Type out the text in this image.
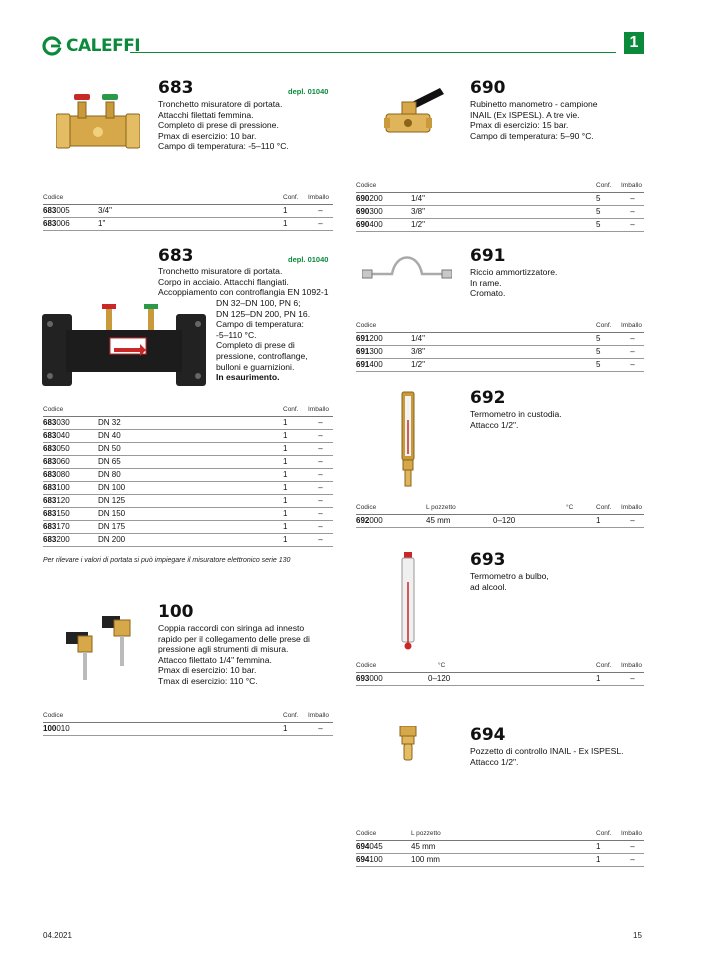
CALEFFI	1
683	depl. 01040
Tronchetto misuratore di portata.
Attacchi filettati femmina.
Completo di prese di pressione.
Pmax di esercizio: 10 bar.
Campo di temperatura: -5–110 °C.
Codice		Conf.	Imballo
683005	3/4"	1	–
683006	1"	1	–
683	depl. 01040
Tronchetto misuratore di portata.
Corpo in acciaio. Attacchi flangiati.
Accoppiamento con controflangia EN 1092-1
DN 32–DN 100, PN 6;
DN 125–DN 200, PN 16.
Campo di temperatura:
-5–110 °C.
Completo di prese di
pressione, controflange,
bulloni e guarnizioni.
In esaurimento.
Codice		Conf.	Imballo
683030	DN 32	1	–
683040	DN 40	1	–
683050	DN 50	1	–
683060	DN 65	1	–
683080	DN 80	1	–
683100	DN 100	1	–
683120	DN 125	1	–
683150	DN 150	1	–
683170	DN 175	1	–
683200	DN 200	1	–
Per rilevare i valori di portata si può impiegare il misuratore elettronico serie 130
100
Coppia raccordi con siringa ad innesto
rapido per il collegamento delle prese di
pressione agli strumenti di misura.
Attacco filettato 1/4" femmina.
Pmax di esercizio: 10 bar.
Tmax di esercizio: 110 °C.
Codice		Conf.	Imballo
100010		1	–
690
Rubinetto manometro - campione
INAIL (Ex ISPESL). A tre vie.
Pmax di esercizio: 15 bar.
Campo di temperatura: 5–90 °C.
Codice		Conf.	Imballo
690200	1/4"	5	–
690300	3/8"	5	–
690400	1/2"	5	–
691
Riccio ammortizzatore.
In rame.
Cromato.
Codice		Conf.	Imballo
691200	1/4"	5	–
691300	3/8"	5	–
691400	1/2"	5	–
692
Termometro in custodia.
Attacco 1/2".
Codice	L pozzetto	°C	Conf.	Imballo
692000	45 mm	0–120	1	–
693
Termometro a bulbo,
ad alcool.
Codice	°C	Conf.	Imballo
693000	0–120	1	–
694
Pozzetto di controllo INAIL - Ex ISPESL.
Attacco 1/2".
Codice	L pozzetto	Conf.	Imballo
694045	45 mm	1	–
694100	100 mm	1	–
04.2021	15
